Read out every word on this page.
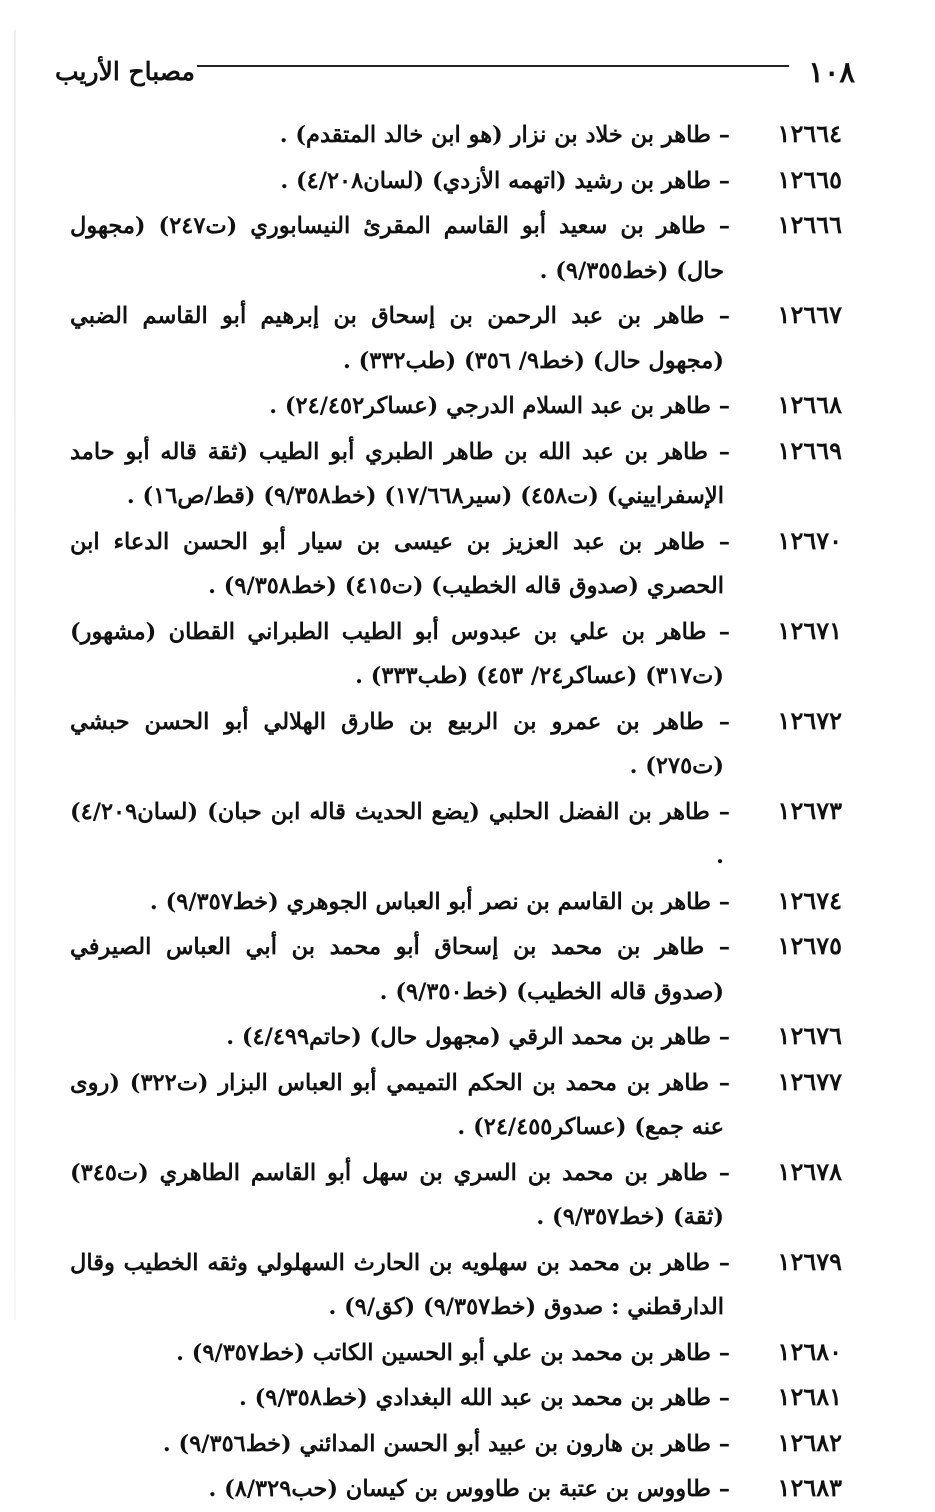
١٠٨
مصباح الأريب

١٢٦٦٤– طاهر بن خلاد بن نزار (هو ابن خالد المتقدم) .

١٢٦٦٥– طاهر بن رشيد (اتهمه الأزدي) (لسان٤/٢٠٨) .

١٢٦٦٦– طاهر بن سعيد أبو القاسم المقرئ النيسابوري (ت٢٤٧) (مجهول حال) (خط٩/٣٥٥) .

١٢٦٦٧– طاهر بن عبد الرحمن بن إسحاق بن إبرهيم أبو القاسم الضبي (مجهول حال) (خط٩/ ٣٥٦) (طب٣٣٢) .

١٢٦٦٨– طاهر بن عبد السلام الدرجي (عساكر٢٤/٤٥٢) .

١٢٦٦٩– طاهر بن عبد الله بن طاهر الطبري أبو الطيب (ثقة قاله أبو حامد الإسفراييني) (ت٤٥٨) (سير١٧/٦٦٨) (خط٩/٣٥٨) (قط/ص١٦) .

١٢٦٧٠– طاهر بن عبد العزيز بن عيسى بن سيار أبو الحسن الدعاء ابن الحصري (صدوق قاله الخطيب) (ت٤١٥) (خط٩/٣٥٨) .

١٢٦٧١– طاهر بن علي بن عبدوس أبو الطيب الطبراني القطان (مشهور) (ت٣١٧) (عساكر٢٤/ ٤٥٣) (طب٣٣٣) .

١٢٦٧٢– طاهر بن عمرو بن الربيع بن طارق الهلالي أبو الحسن حبشي (ت٢٧٥) .

١٢٦٧٣– طاهر بن الفضل الحلبي (يضع الحديث قاله ابن حبان) (لسان٤/٢٠٩) .

١٢٦٧٤– طاهر بن القاسم بن نصر أبو العباس الجوهري (خط٩/٣٥٧) .

١٢٦٧٥– طاهر بن محمد بن إسحاق أبو محمد بن أبي العباس الصيرفي (صدوق قاله الخطيب) (خط٩/٣٥٠) .

١٢٦٧٦– طاهر بن محمد الرقي (مجهول حال) (حاتم٤/٤٩٩) .

١٢٦٧٧– طاهر بن محمد بن الحكم التميمي أبو العباس البزار (ت٣٢٢) (روى عنه جمع) (عساكر٢٤/٤٥٥) .

١٢٦٧٨– طاهر بن محمد بن السري بن سهل أبو القاسم الطاهري (ت٣٤٥) (ثقة) (خط٩/٣٥٧) .

١٢٦٧٩– طاهر بن محمد بن سهلويه بن الحارث السهلولي وثقه الخطيب وقال الدارقطني : صدوق (خط٩/٣٥٧) (كق/٩) .

١٢٦٨٠– طاهر بن محمد بن علي أبو الحسين الكاتب (خط٩/٣٥٧) .

١٢٦٨١– طاهر بن محمد بن عبد الله البغدادي (خط٩/٣٥٨) .

١٢٦٨٢– طاهر بن هارون بن عبيد أبو الحسن المدائني (خط٩/٣٥٦) .

١٢٦٨٣– طاووس بن عتبة بن طاووس بن كيسان (حب٨/٣٢٩) .
